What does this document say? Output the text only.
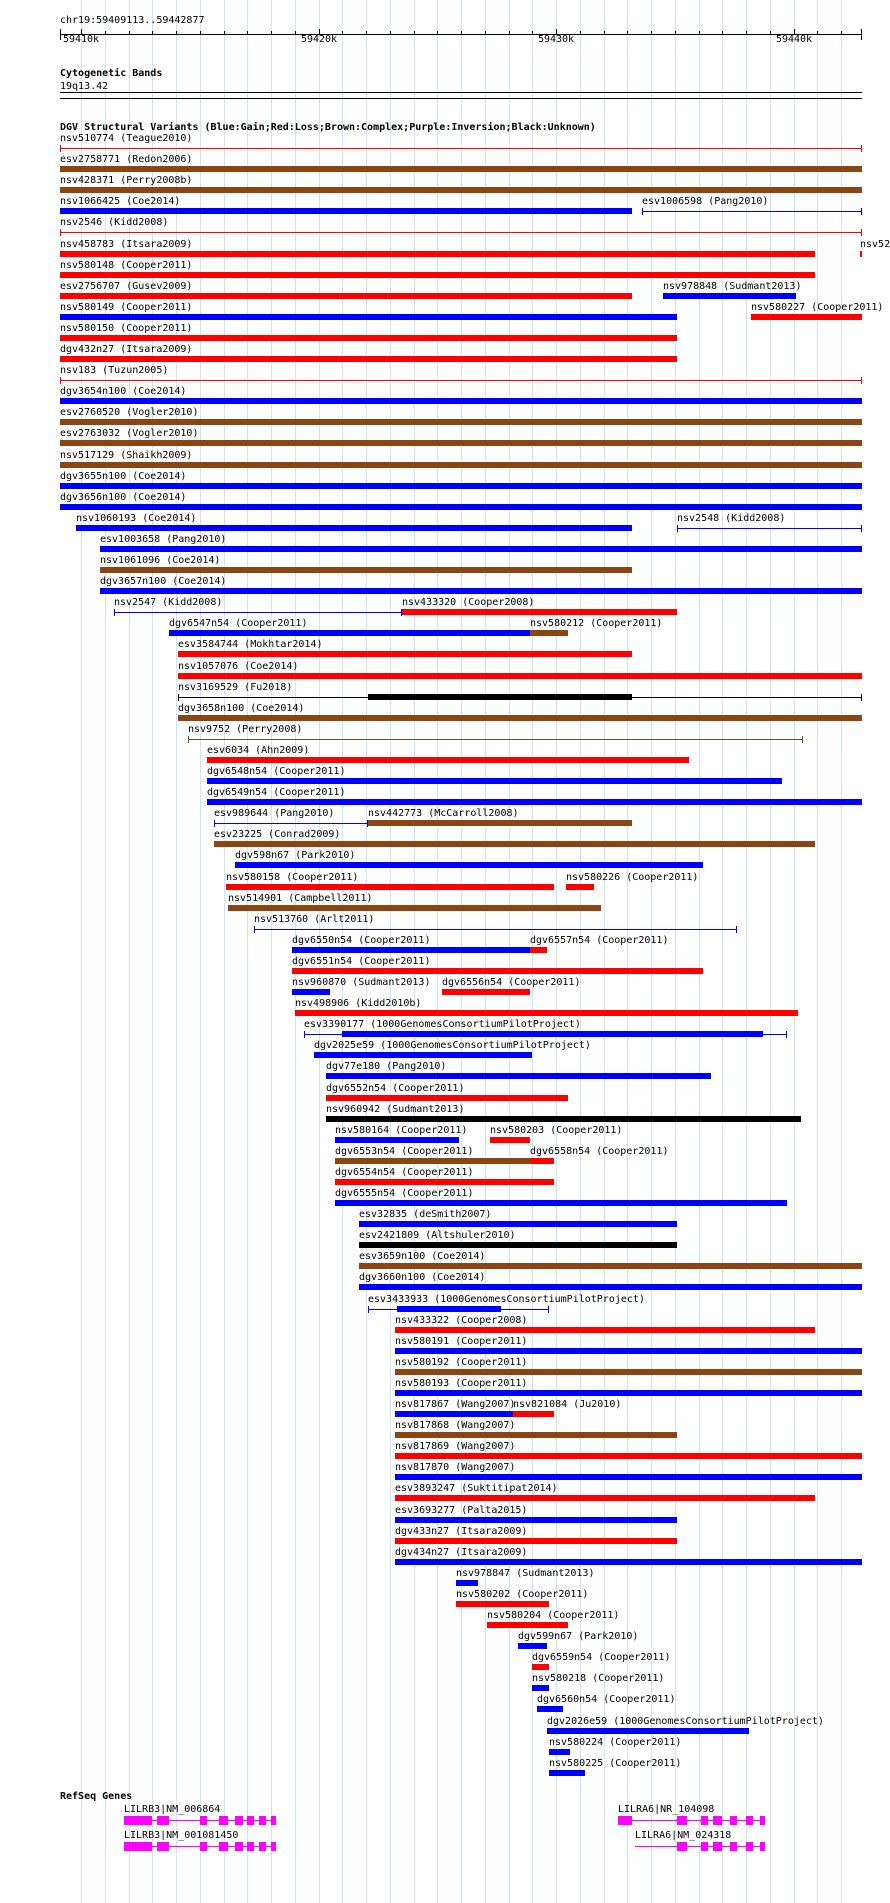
chr19:59409113..59442877
59410k	59420k	59430k	59440k
Cytogenetic Bands
19q13.42
DGV Structural Variants (Blue:Gain;Red:Loss;Brown:Complex;Purple:Inversion;Black:Unknown)
nsv510774 (Teague2010)
esv2758771 (Redon2006)
nsv428371 (Perry2008b)
nsv1066425 (Coe2014)	esv1006598 (Pang2010)
nsv2546 (Kidd2008)
nsv458783 (Itsara2009)	nsv52
nsv580148 (Cooper2011)
esv2756707 (Gusev2009)	nsv978848 (Sudmant2013)
nsv580149 (Cooper2011)	nsv580227 (Cooper2011)
nsv580150 (Cooper2011)
dgv432n27 (Itsara2009)
nsv183 (Tuzun2005)
dgv3654n100 (Coe2014)
esv2760520 (Vogler2010)
esv2763032 (Vogler2010)
nsv517129 (Shaikh2009)
dgv3655n100 (Coe2014)
dgv3656n100 (Coe2014)
nsv1060193 (Coe2014)	nsv2548 (Kidd2008)
esv1003658 (Pang2010)
nsv1061096 (Coe2014)
dgv3657n100 (Coe2014)
nsv2547 (Kidd2008)	nsv433320 (Cooper2008)
dgv6547n54 (Cooper2011)	nsv580212 (Cooper2011)
esv3584744 (Mokhtar2014)
nsv1057076 (Coe2014)
nsv3169529 (Fu2018)
dgv3658n100 (Coe2014)
nsv9752 (Perry2008)
esv6034 (Ahn2009)
dgv6548n54 (Cooper2011)
dgv6549n54 (Cooper2011)
esv989644 (Pang2010)	nsv442773 (McCarroll2008)
esv23225 (Conrad2009)
dgv598n67 (Park2010)
nsv580158 (Cooper2011)	nsv580226 (Cooper2011)
nsv514901 (Campbell2011)
nsv513760 (Arlt2011)
dgv6550n54 (Cooper2011)	dgv6557n54 (Cooper2011)
dgv6551n54 (Cooper2011)
nsv960870 (Sudmant2013) dgv6556n54 (Cooper2011)
nsv498906 (Kidd2010b)
esv3390177 (1000GenomesConsortiumPilotProject)
dgv2025e59 (1000GenomesConsortiumPilotProject)
dgv77e180 (Pang2010)
dgv6552n54 (Cooper2011)
nsv960942 (Sudmant2013)
nsv580164 (Cooper2011) nsv580203 (Cooper2011)
dgv6553n54 (Cooper2011)	dgv6558n54 (Cooper2011)
dgv6554n54 (Cooper2011)
dgv6555n54 (Cooper2011)
esv32835 (deSmith2007)
esv2421809 (Altshuler2010)
esv3659n100 (Coe2014)
dgv3660n100 (Coe2014)
esv3433933 (1000GenomesConsortiumPilotProject)
nsv433322 (Cooper2008)
nsv580191 (Cooper2011)
nsv580192 (Cooper2011)
nsv580193 (Cooper2011)
nsv817867 (Wang2007)
nsv821084 (Ju2010)
nsv817868 (Wang2007)
nsv817869 (Wang2007)
nsv817870 (Wang2007)
esv3893247 (Suktitipat2014)
esv3693277 (Palta2015)
dgv433n27 (Itsara2009)
dgv434n27 (Itsara2009)
nsv978847 (Sudmant2013)
nsv580202 (Cooper2011)
nsv580204 (Cooper2011)
dgv599n67 (Park2010)
dgv6559n54 (Cooper2011)
nsv580218 (Cooper2011)
dgv6560n54 (Cooper2011)
dgv2026e59 (1000GenomesConsortiumPilotProject)
nsv580224 (Cooper2011)
nsv580225 (Cooper2011)
RefSeq Genes
LILRB3|NM_006864	LILRA6|NR_104098
LILRB3|NM_001081450	LILRA6|NM_024318
